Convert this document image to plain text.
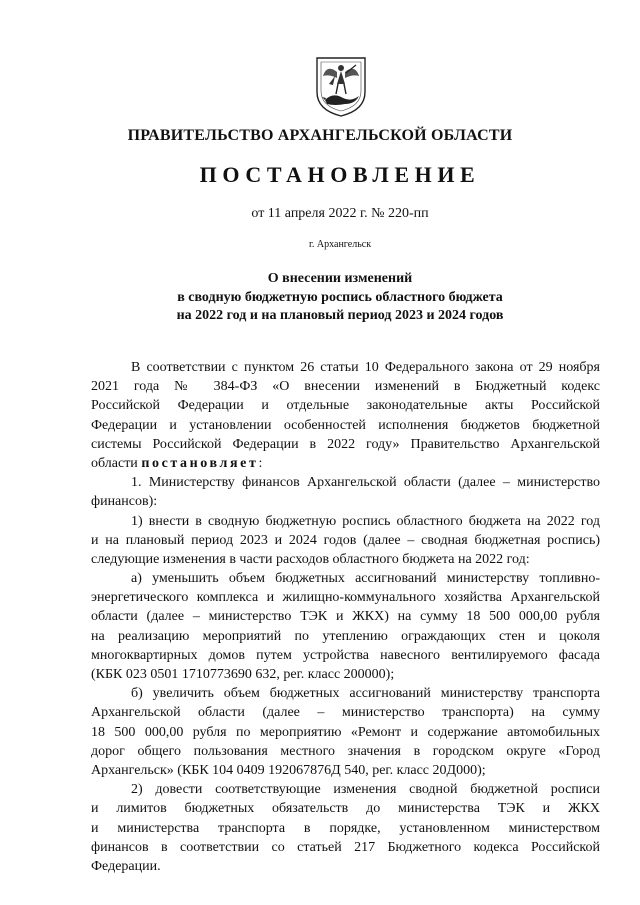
ПРАВИТЕЛЬСТВО АРХАНГЕЛЬСКОЙ ОБЛАСТИ
ПОСТАНОВЛЕНИЕ
от 11 апреля 2022 г. № 220-пп
г. Архангельск
О внесении изменений
в сводную бюджетную роспись областного бюджета
на 2022 год и на плановый период 2023 и 2024 годов
В соответствии с пунктом 26 статьи 10 Федерального закона от 29 ноября
2021 года № 384-ФЗ «О внесении изменений в Бюджетный кодекс
Российской Федерации и отдельные законодательные акты Российской
Федерации и установлении особенностей исполнения бюджетов бюджетной
системы Российской Федерации в 2022 году» Правительство Архангельской
области постановляет:
1. Министерству финансов Архангельской области (далее – министерство
финансов):
1) внести в сводную бюджетную роспись областного бюджета на 2022 год
и на плановый период 2023 и 2024 годов (далее – сводная бюджетная роспись)
следующие изменения в части расходов областного бюджета на 2022 год:
а) уменьшить объем бюджетных ассигнований министерству топливно-
энергетического комплекса и жилищно-коммунального хозяйства Архангельской
области (далее – министерство ТЭК и ЖКХ) на сумму 18 500 000,00 рубля
на реализацию мероприятий по утеплению ограждающих стен и цоколя
многоквартирных домов путем устройства навесного вентилируемого фасада
(КБК 023 0501 1710773690 632, рег. класс 200000);
б) увеличить объем бюджетных ассигнований министерству транспорта
Архангельской области (далее – министерство транспорта) на сумму
18 500 000,00 рубля по мероприятию «Ремонт и содержание автомобильных
дорог общего пользования местного значения в городском округе «Город
Архангельск» (КБК 104 0409 192067876Д 540, рег. класс 20Д000);
2) довести соответствующие изменения сводной бюджетной росписи
и лимитов бюджетных обязательств до министерства ТЭК и ЖКХ
и министерства транспорта в порядке, установленном министерством
финансов в соответствии со статьей 217 Бюджетного кодекса Российской
Федерации.
